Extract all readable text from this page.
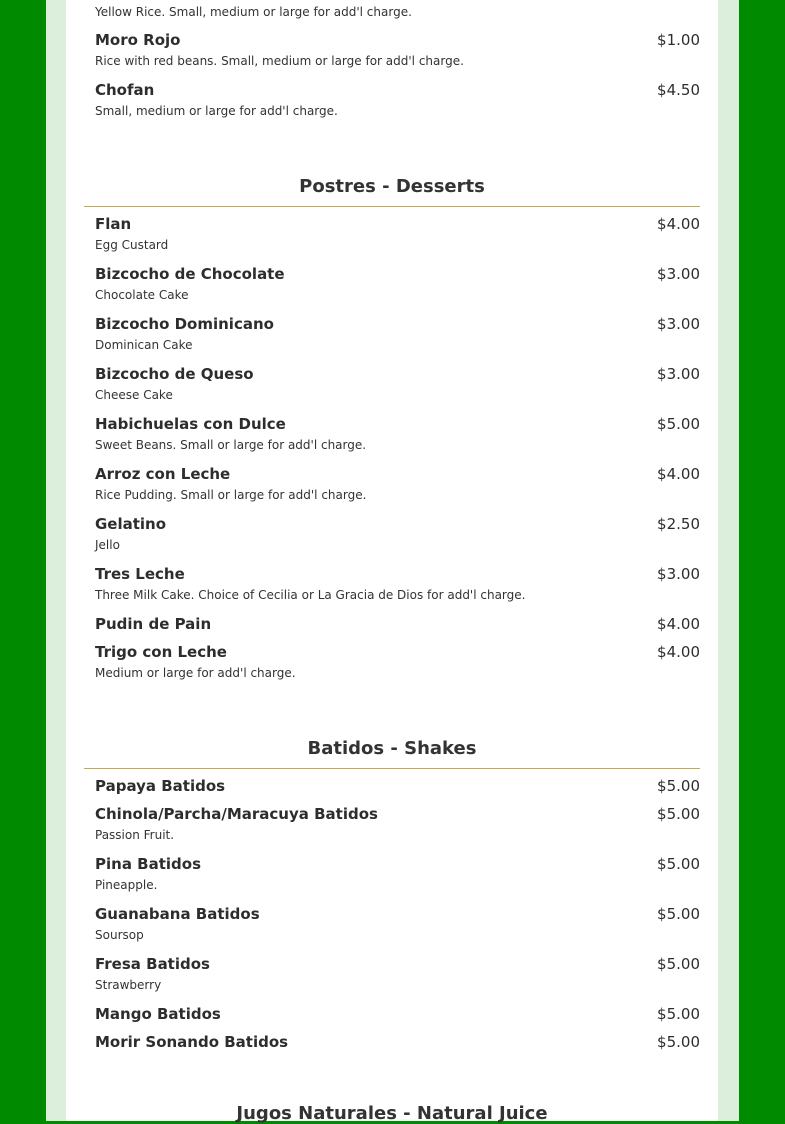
Yellow Rice. Small, medium or large for add'l charge.
Moro Rojo	$1.00
Rice with red beans. Small, medium or large for add'l charge.
Chofan	$4.50
Small, medium or large for add'l charge.
Postres - Desserts
Flan	$4.00
Egg Custard
Bizcocho de Chocolate	$3.00
Chocolate Cake
Bizcocho Dominicano	$3.00
Dominican Cake
Bizcocho de Queso	$3.00
Cheese Cake
Habichuelas con Dulce	$5.00
Sweet Beans. Small or large for add'l charge.
Arroz con Leche	$4.00
Rice Pudding. Small or large for add'l charge.
Gelatino	$2.50
Jello
Tres Leche	$3.00
Three Milk Cake. Choice of Cecilia or La Gracia de Dios for add'l charge.
Pudin de Pain	$4.00
Trigo con Leche	$4.00
Medium or large for add'l charge.
Batidos - Shakes
Papaya Batidos	$5.00
Chinola/Parcha/Maracuya Batidos	$5.00
Passion Fruit.
Pina Batidos	$5.00
Pineapple.
Guanabana Batidos	$5.00
Soursop
Fresa Batidos	$5.00
Strawberry
Mango Batidos	$5.00
Morir Sonando Batidos	$5.00
Jugos Naturales - Natural Juice
